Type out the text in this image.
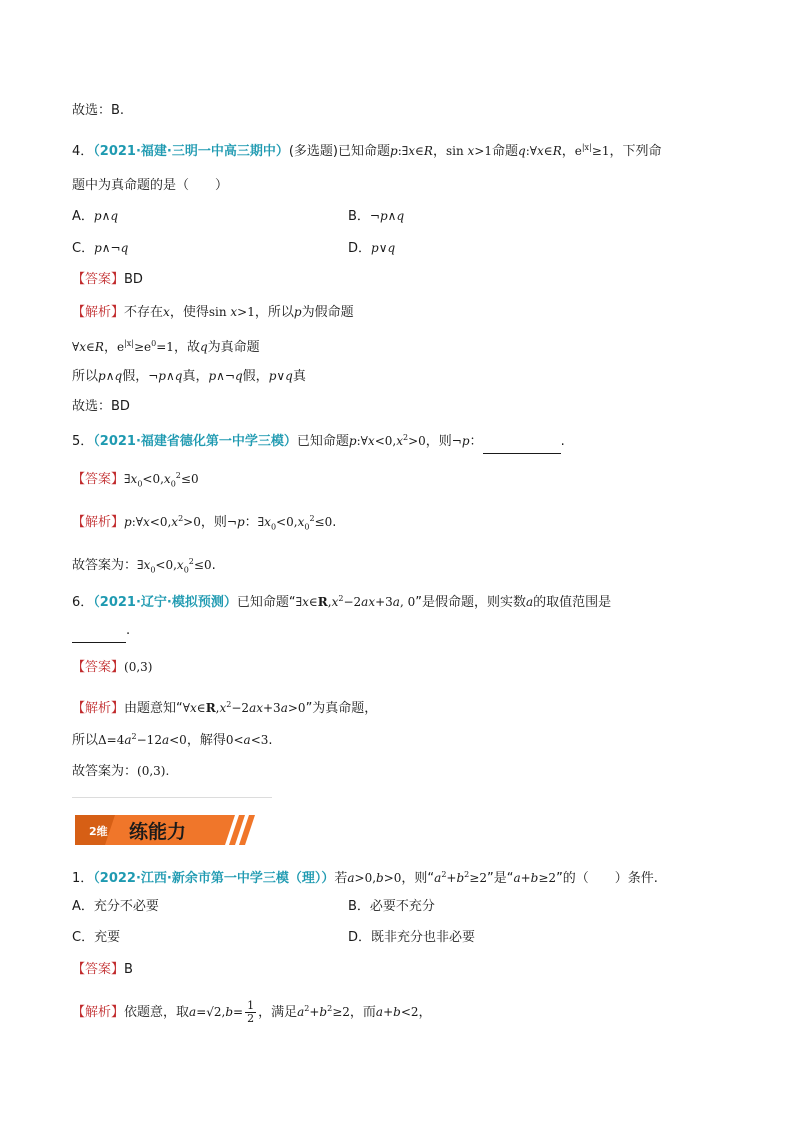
故选：B.
4．（2021·福建·三明一中高三期中）(多选题)已知命题p:∃x∈R，sin x>1命题q:∀x∈R，$e^{|x|}\ge 1$，下列命
题中为真命题的是（　　）
A．p∧q	B．¬p∧q
C．p∧¬q	D．p∨q
【答案】BD
【解析】不存在x，使得sin x>1，所以p为假命题
∀x∈R，$e^{|x|}\ge e^0=1$，故q为真命题
所以p∧q假，¬p∧q真，p∧¬q假，p∨q真
故选：BD
5．（2021·福建省德化第一中学三模）已知命题$p:\forall x<0,x^2>0$，则¬p：	.
【答案】$\exists x_0<0,x_0^2\le 0$
【解析】$p:\forall x<0,x^2>0$，则¬p：$\exists x_0<0,x_0^2\le 0$.
故答案为：$\exists x_0<0,x_0^2\le 0$.
6．（2021·辽宁·模拟预测）已知命题“$\exists x\in R,x^2-2ax+3a$, 0”是假命题，则实数a的取值范围是
.
【答案】(0,3)
【解析】由题意知“$\forall x\in R,x^2-2ax+3a>0$”为真命题，
所以$\Delta=4a^2-12a<0$，解得0<a<3.
故答案为：(0,3).
2维 练能力
1．（2022·江西·新余市第一中学三模（理））若a>0,b>0，则“$a^2+b^2\ge 2$”是“a+b≥2”的（　　）条件.
A．充分不必要	B．必要不充分
C．充要	D．既非充分也非必要
【答案】B
【解析】依题意，取$a=√2,b= \frac{1}{2}$ ，满足$a^2+b^2\ge 2$，而a+b<2，
